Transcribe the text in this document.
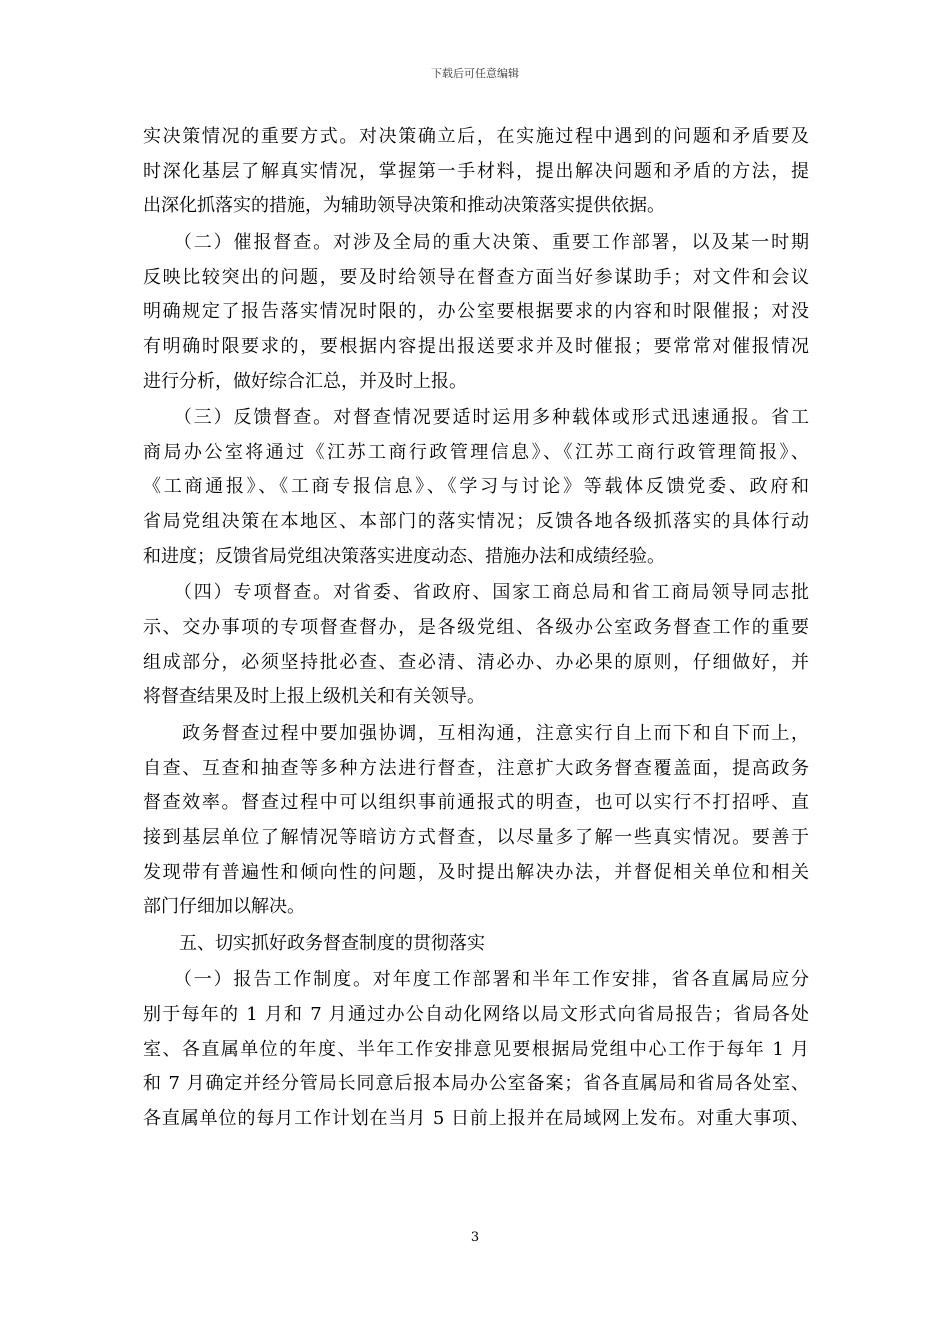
下载后可任意编辑
实决策情况的重要方式。对决策确立后，在实施过程中遇到的问题和矛盾要及
时深化基层了解真实情况，掌握第一手材料，提出解决问题和矛盾的方法，提
出深化抓落实的措施，为辅助领导决策和推动决策落实提供依据。
　　（二）催报督查。对涉及全局的重大决策、重要工作部署，以及某一时期
反映比较突出的问题，要及时给领导在督查方面当好参谋助手；对文件和会议
明确规定了报告落实情况时限的，办公室要根据要求的内容和时限催报；对没
有明确时限要求的，要根据内容提出报送要求并及时催报；要常常对催报情况
进行分析，做好综合汇总，并及时上报。
　　（三）反馈督查。对督查情况要适时运用多种载体或形式迅速通报。省工
商局办公室将通过《江苏工商行政管理信息》、《江苏工商行政管理简报》、
《工商通报》、《工商专报信息》、《学习与讨论》等载体反馈党委、政府和
省局党组决策在本地区、本部门的落实情况；反馈各地各级抓落实的具体行动
和进度；反馈省局党组决策落实进度动态、措施办法和成绩经验。
　　（四）专项督查。对省委、省政府、国家工商总局和省工商局领导同志批
示、交办事项的专项督查督办，是各级党组、各级办公室政务督查工作的重要
组成部分，必须坚持批必查、查必清、清必办、办必果的原则，仔细做好，并
将督查结果及时上报上级机关和有关领导。
　　政务督查过程中要加强协调，互相沟通，注意实行自上而下和自下而上，
自查、互查和抽查等多种方法进行督查，注意扩大政务督查覆盖面，提高政务
督查效率。督查过程中可以组织事前通报式的明查，也可以实行不打招呼、直
接到基层单位了解情况等暗访方式督查，以尽量多了解一些真实情况。要善于
发现带有普遍性和倾向性的问题，及时提出解决办法，并督促相关单位和相关
部门仔细加以解决。
　　五、切实抓好政务督查制度的贯彻落实
　　（一）报告工作制度。对年度工作部署和半年工作安排，省各直属局应分
别于每年的 1 月和 7 月通过办公自动化网络以局文形式向省局报告；省局各处
室、各直属单位的年度、半年工作安排意见要根据局党组中心工作于每年 1 月
和 7 月确定并经分管局长同意后报本局办公室备案；省各直属局和省局各处室、
各直属单位的每月工作计划在当月 5 日前上报并在局域网上发布。对重大事项、
3
